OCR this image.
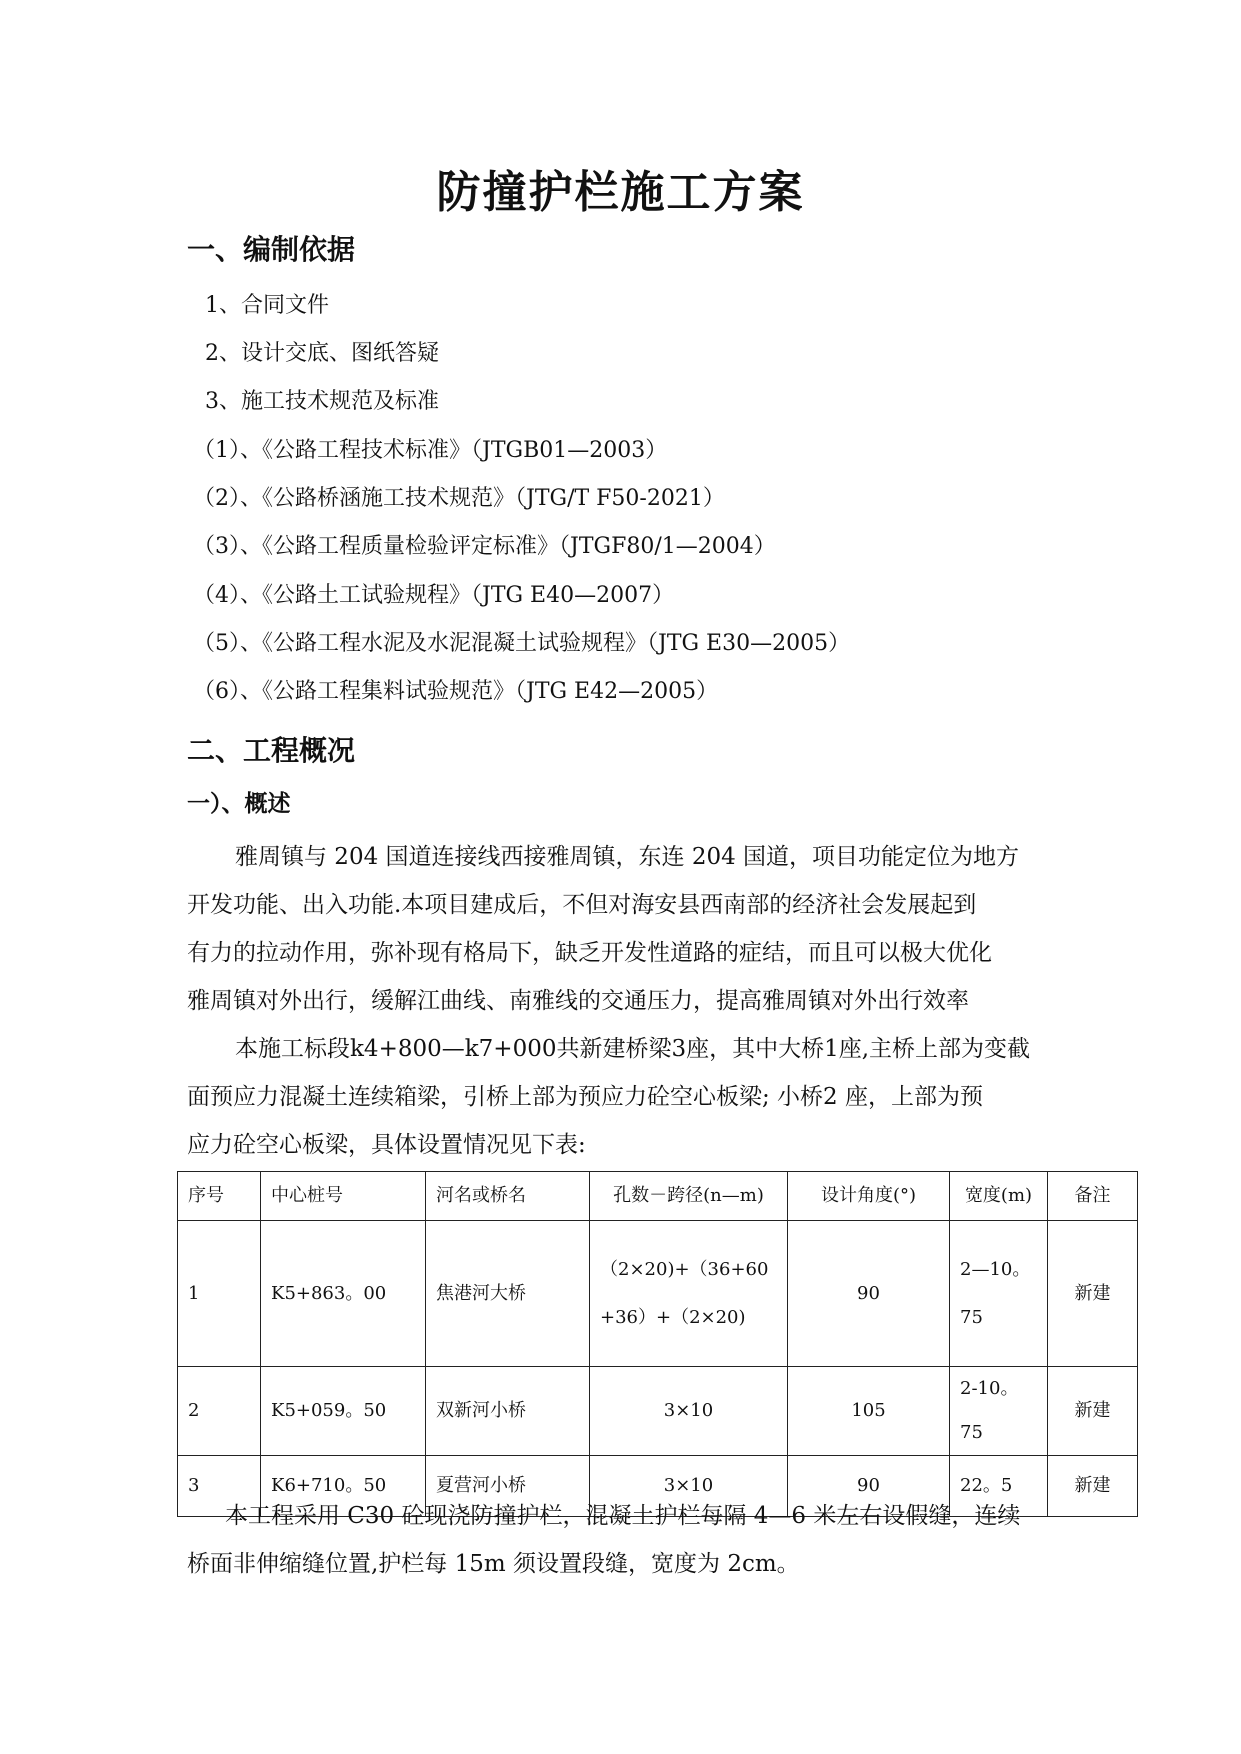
防撞护栏施工方案
一、编制依据
1、合同文件
2、设计交底、图纸答疑
3、施工技术规范及标准
（1）、《公路工程技术标准》（JTGB01—2003）
（2）、《公路桥涵施工技术规范》（JTG/T F50-2021）
（3）、《公路工程质量检验评定标准》（JTGF80/1—2004）
（4）、《公路土工试验规程》（JTG E40—2007）
（5）、《公路工程水泥及水泥混凝土试验规程》（JTG E30—2005）
（6）、《公路工程集料试验规范》（JTG E42—2005）
二、工程概况
一）、概述
雅周镇与 204 国道连接线西接雅周镇，东连 204 国道，项目功能定位为地方
开发功能、出入功能.本项目建成后，不但对海安县西南部的经济社会发展起到
有力的拉动作用，弥补现有格局下，缺乏开发性道路的症结，而且可以极大优化
雅周镇对外出行，缓解江曲线、南雅线的交通压力，提高雅周镇对外出行效率
本施工标段k4+800—k7+000共新建桥梁3座，其中大桥1座,主桥上部为变截
面预应力混凝土连续箱梁，引桥上部为预应力砼空心板梁; 小桥2 座，上部为预
应力砼空心板梁，具体设置情况见下表:
序号	中心桩号	河名或桥名	孔数－跨径(n—m)	设计角度(°)	宽度(m)	备注
1	K5+863。00	焦港河大桥	（2×20)+（36+60+36）+（2×20)	90	2—10。75	新建
2	K5+059。50	双新河小桥	3×10	105	2-10。75	新建
3	K6+710。50	夏营河小桥	3×10	90	22。5	新建
本工程采用 C30 砼现浇防撞护栏，混凝土护栏每隔 4—6 米左右设假缝，连续
桥面非伸缩缝位置,护栏每 15m 须设置段缝，宽度为 2cm。
